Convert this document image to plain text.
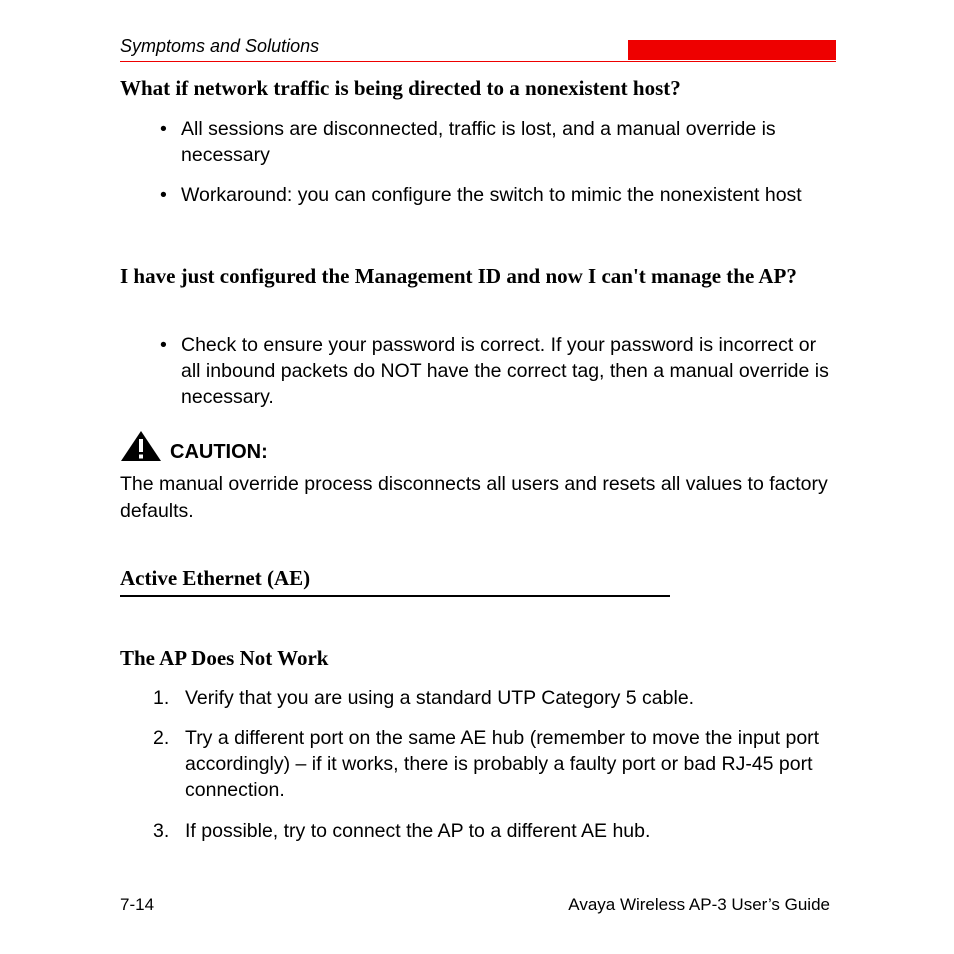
Symptoms and Solutions
What if network traffic is being directed to a nonexistent host?
• All sessions are disconnected, traffic is lost, and a manual override is necessary
• Workaround: you can configure the switch to mimic the nonexistent host
I have just configured the Management ID and now I can't manage the AP?
• Check to ensure your password is correct. If your password is incorrect or all inbound packets do NOT have the correct tag, then a manual override is necessary.
CAUTION:
The manual override process disconnects all users and resets all values to factory defaults.
Active Ethernet (AE)
The AP Does Not Work
1. Verify that you are using a standard UTP Category 5 cable.
2. Try a different port on the same AE hub (remember to move the input port accordingly) – if it works, there is probably a faulty port or bad RJ-45 port connection.
3. If possible, try to connect the AP to a different AE hub.
7-14	Avaya Wireless AP-3 User’s Guide
